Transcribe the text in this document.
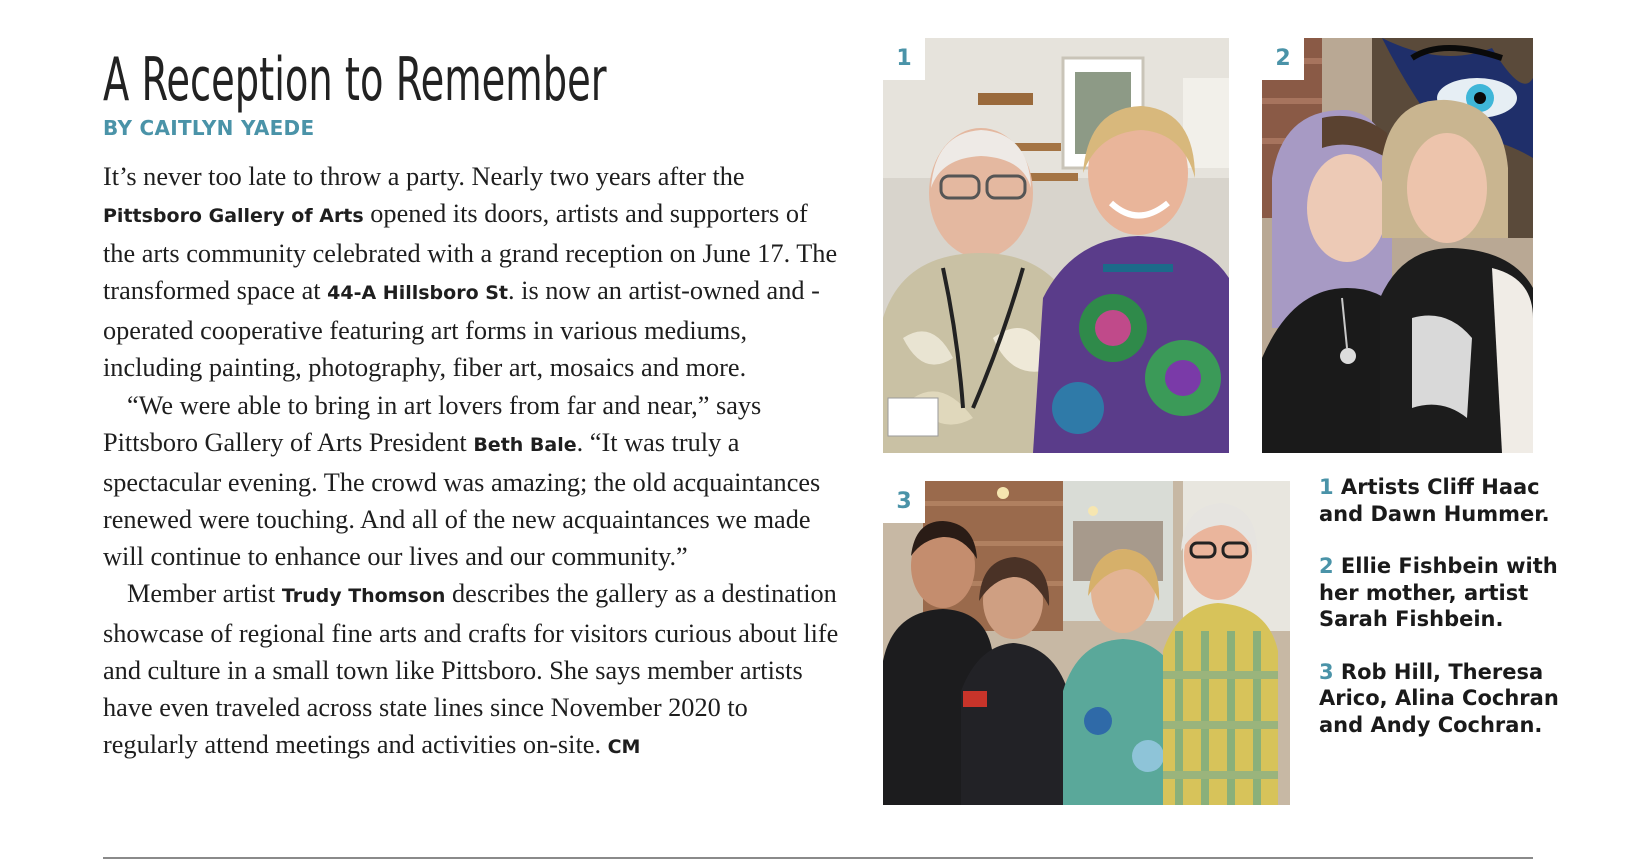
A Reception to Remember
BY CAITLYN YAEDE

It’s never too late to throw a party. Nearly two years after the Pittsboro Gallery of Arts opened its doors, artists and supporters of the arts community celebrated with a grand reception on June 17. The transformed space at 44-A Hillsboro St. is now an artist-owned and -operated cooperative featuring art forms in various mediums, including painting, photography, fiber art, mosaics and more.

“We were able to bring in art lovers from far and near,” says Pittsboro Gallery of Arts President Beth Bale. “It was truly a spectacular evening. The crowd was amazing; the old acquaintances renewed were touching. And all of the new acquaintances we made will continue to enhance our lives and our community.”

Member artist Trudy Thomson describes the gallery as a destination showcase of regional fine arts and crafts for visitors curious about life and culture in a small town like Pittsboro. She says member artists have even traveled across state lines since November 2020 to regularly attend meetings and activities on-site. CM

1	2
3
1 Artists Cliff Haac and Dawn Hummer.
2 Ellie Fishbein with her mother, artist Sarah Fishbein.
3 Rob Hill, Theresa Arico, Alina Cochran and Andy Cochran.
